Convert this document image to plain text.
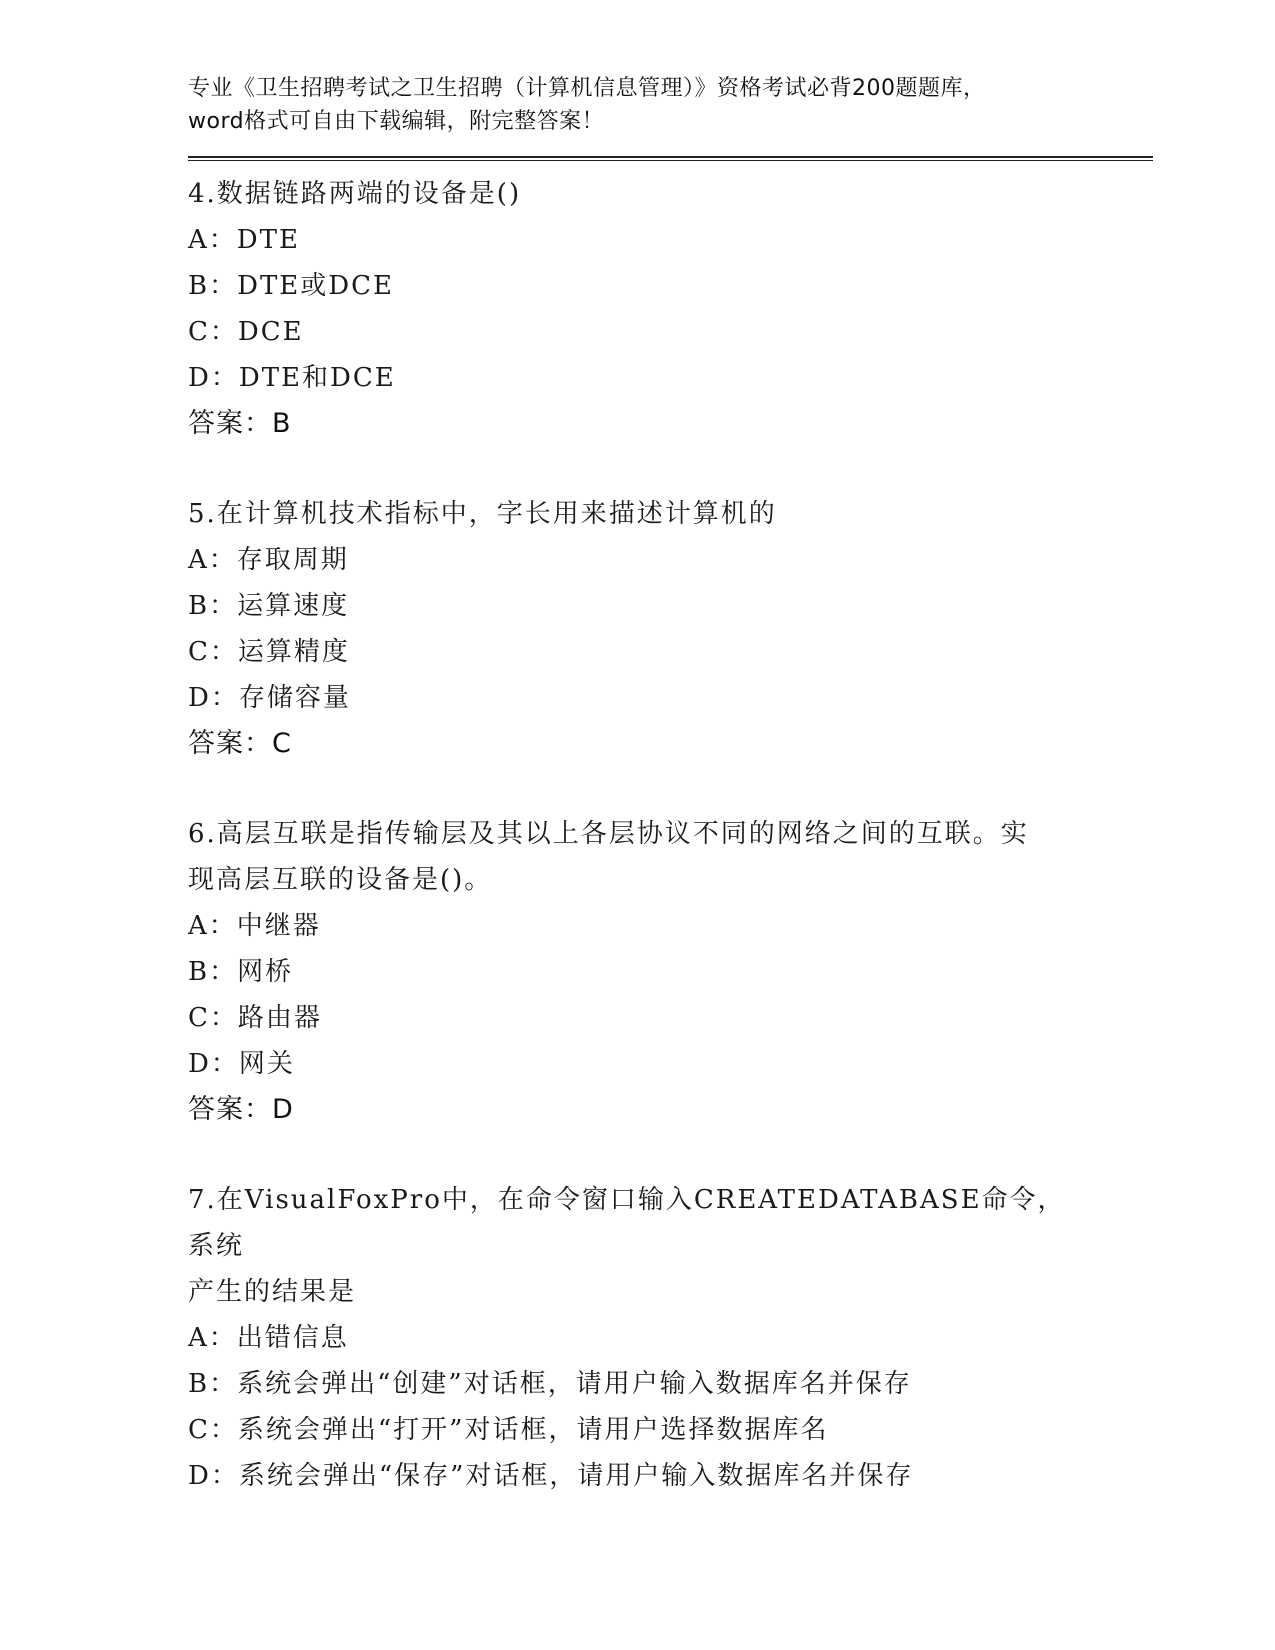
专业《卫生招聘考试之卫生招聘（计算机信息管理）》资格考试必背200题题库，
word格式可自由下载编辑，附完整答案！
4.数据链路两端的设备是()
A：DTE
B：DTE或DCE
C：DCE
D：DTE和DCE
答案：B
5.在计算机技术指标中，字长用来描述计算机的
A：存取周期
B：运算速度
C：运算精度
D：存储容量
答案：C
6.高层互联是指传输层及其以上各层协议不同的网络之间的互联。实
现高层互联的设备是()。
A：中继器
B：网桥
C：路由器
D：网关
答案：D
7.在VisualFoxPro中，在命令窗口输入CREATEDATABASE命令，系统
产生的结果是
A：出错信息
B：系统会弹出“创建”对话框，请用户输入数据库名并保存
C：系统会弹出“打开”对话框，请用户选择数据库名
D：系统会弹出“保存”对话框，请用户输入数据库名并保存
